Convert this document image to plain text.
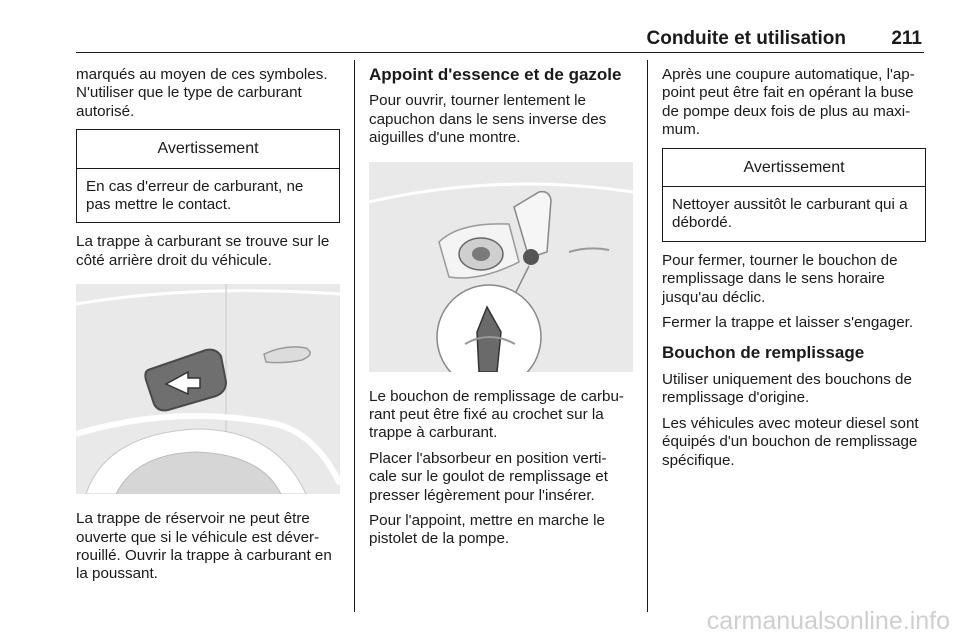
Conduite et utilisation 211

marqués au moyen de ces symboles. N'utiliser que le type de carburant autorisé.

Avertissement
En cas d'erreur de carburant, ne pas mettre le contact.

La trappe à carburant se trouve sur le côté arrière droit du véhicule.

La trappe de réservoir ne peut être ouverte que si le véhicule est déver-rouillé. Ouvrir la trappe à carburant en la poussant.

Appoint d'essence et de gazole

Pour ouvrir, tourner lentement le capuchon dans le sens inverse des aiguilles d'une montre.

Le bouchon de remplissage de carbu-rant peut être fixé au crochet sur la trappe à carburant.

Placer l'absorbeur en position verti-cale sur le goulot de remplissage et presser légèrement pour l'insérer.

Pour l'appoint, mettre en marche le pistolet de la pompe.

Après une coupure automatique, l'ap-point peut être fait en opérant la buse de pompe deux fois de plus au maxi-mum.

Avertissement
Nettoyer aussitôt le carburant qui a débordé.

Pour fermer, tourner le bouchon de remplissage dans le sens horaire jusqu'au déclic.

Fermer la trappe et laisser s'engager.

Bouchon de remplissage

Utiliser uniquement des bouchons de remplissage d'origine.

Les véhicules avec moteur diesel sont équipés d'un bouchon de remplissage spécifique.

carmanualsonline.info
